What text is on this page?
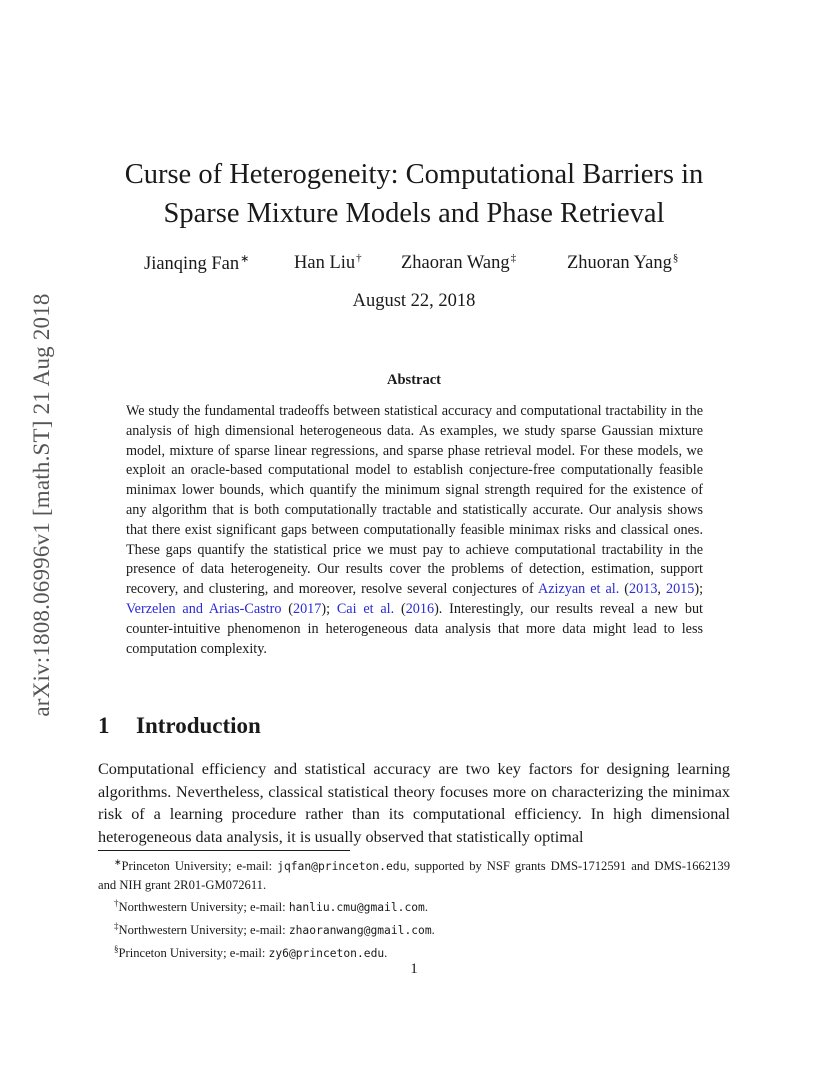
arXiv:1808.06996v1 [math.ST] 21 Aug 2018
Curse of Heterogeneity: Computational Barriers in
Sparse Mixture Models and Phase Retrieval
Jianqing Fan∗ Han Liu† Zhaoran Wang‡	Zhuoran Yang§
August 22, 2018
Abstract
We study the fundamental tradeoffs between statistical accuracy and computational tractability in the analysis of high dimensional heterogeneous data. As examples, we study sparse Gaussian mixture model, mixture of sparse linear regressions, and sparse phase retrieval model. For these models, we exploit an oracle-based computational model to establish conjecture-free computationally feasible minimax lower bounds, which quantify the minimum signal strength required for the existence of any algorithm that is both computationally tractable and statistically accurate. Our analysis shows that there exist significant gaps between computationally feasible minimax risks and classical ones. These gaps quantify the statistical price we must pay to achieve computational tractability in the presence of data heterogeneity. Our results cover the problems of detection, estimation, support recovery, and clustering, and moreover, resolve several conjectures of Azizyan et al. (2013, 2015); Verzelen and Arias-Castro (2017); Cai et al. (2016). Interestingly, our results reveal a new but counter-intuitive phenomenon in heterogeneous data analysis that more data might lead to less computation complexity.
1 Introduction
Computational efficiency and statistical accuracy are two key factors for designing learning algorithms. Nevertheless, classical statistical theory focuses more on characterizing the minimax risk of a learning procedure rather than its computational efficiency. In high dimensional heterogeneous data analysis, it is usually observed that statistically optimal
∗Princeton University; e-mail: jqfan@princeton.edu, supported by NSF grants DMS-1712591 and DMS-1662139 and NIH grant 2R01-GM072611.
†Northwestern University; e-mail: hanliu.cmu@gmail.com.
‡Northwestern University; e-mail: zhaoranwang@gmail.com.
§Princeton University; e-mail: zy6@princeton.edu.
1
